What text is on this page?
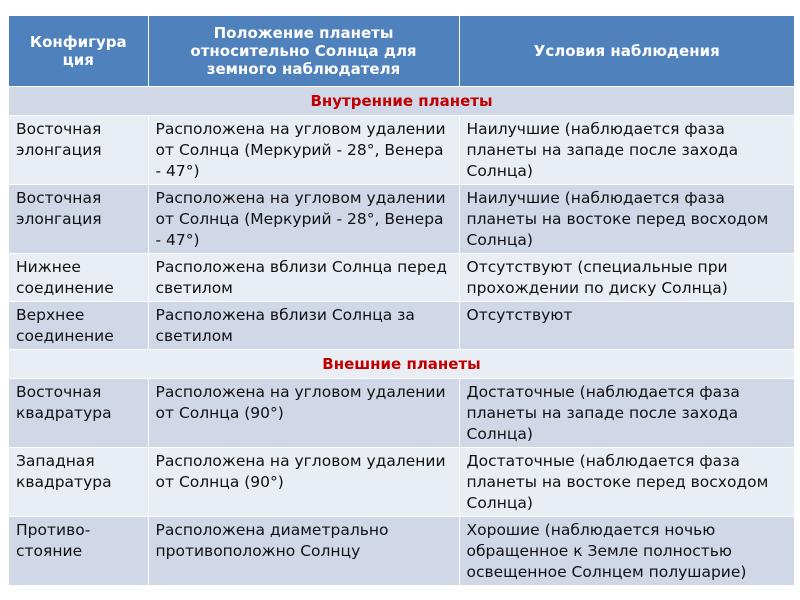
Конфигура ция	Положение планеты относительно Солнца для земного наблюдателя	Условия наблюдения
Внутренние планеты		
Восточная элонгация	Расположена на угловом удалении от Солнца (Меркурий - 28°, Венера - 47°)	Наилучшие (наблюдается фаза планеты на западе после захода Солнца)
Восточная элонгация	Расположена на угловом удалении от Солнца (Меркурий - 28°, Венера - 47°)	Наилучшие (наблюдается фаза планеты на востоке перед восходом Солнца)
Нижнее соединение	Расположена вблизи Солнца перед светилом	Отсутствуют (специальные при прохождении по диску Солнца)
Верхнее соединение	Расположена вблизи Солнца за светилом	Отсутствуют
Внешние планеты		
Восточная квадратура	Расположена на угловом удалении от Солнца (90°)	Достаточные (наблюдается фаза планеты на западе после захода Солнца)
Западная квадратура	Расположена на угловом удалении от Солнца (90°)	Достаточные (наблюдается фаза планеты на востоке перед восходом Солнца)
Противо-стояние	Расположена диаметрально противоположно Солнцу	Хорошие (наблюдается ночью обращенное к Земле полностью освещенное Солнцем полушарие)
